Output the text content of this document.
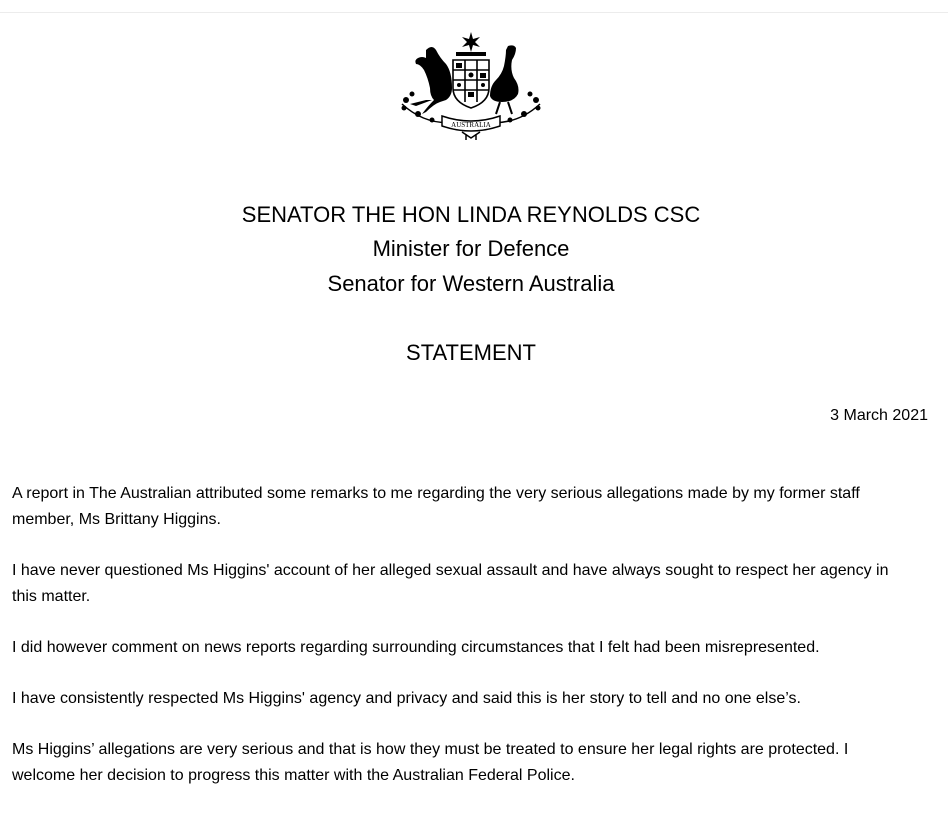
AUSTRALIA
SENATOR THE HON LINDA REYNOLDS CSC
Minister for Defence
Senator for Western Australia
STATEMENT
3 March 2021

A report in The Australian attributed some remarks to me regarding the very serious allegations made by my former staff member, Ms Brittany Higgins.

I have never questioned Ms Higgins' account of her alleged sexual assault and have always sought to respect her agency in this matter.

I did however comment on news reports regarding surrounding circumstances that I felt had been misrepresented.

I have consistently respected Ms Higgins' agency and privacy and said this is her story to tell and no one else’s.

Ms Higgins’ allegations are very serious and that is how they must be treated to ensure her legal rights are protected. I welcome her decision to progress this matter with the Australian Federal Police.
